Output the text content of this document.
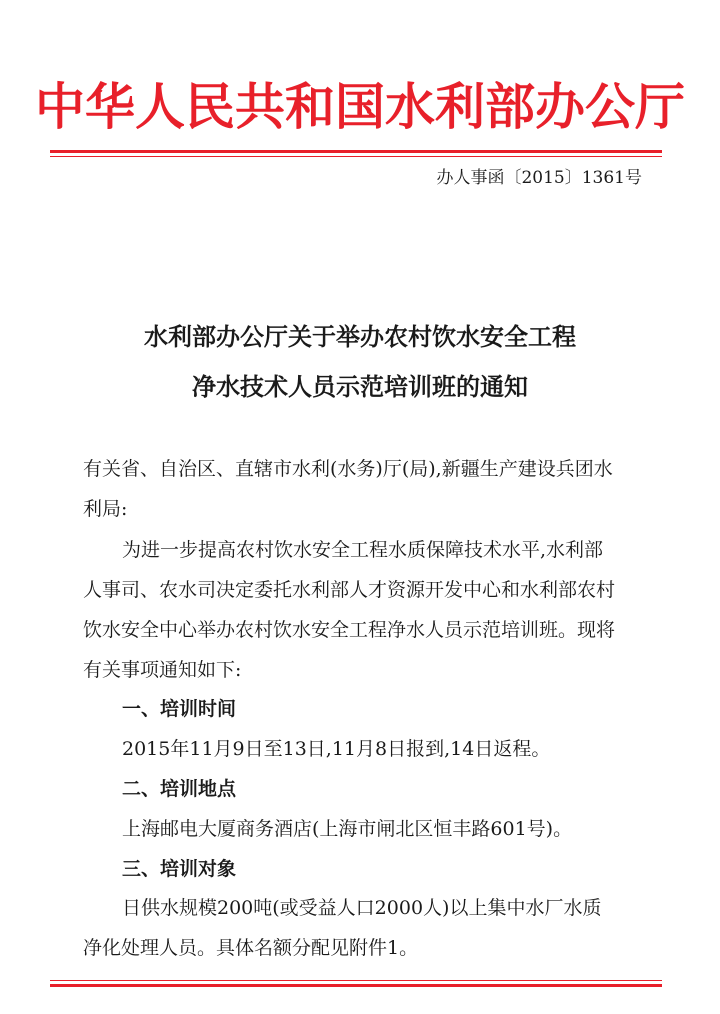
中华人民共和国水利部办公厅
办人事函〔2015〕1361号
水利部办公厅关于举办农村饮水安全工程
净水技术人员示范培训班的通知
有关省、自治区、直辖市水利(水务)厅(局),新疆生产建设兵团水
利局:
为进一步提高农村饮水安全工程水质保障技术水平,水利部
人事司、农水司决定委托水利部人才资源开发中心和水利部农村
饮水安全中心举办农村饮水安全工程净水人员示范培训班。现将
有关事项通知如下:
一、培训时间
2015年11月9日至13日,11月8日报到,14日返程。
二、培训地点
上海邮电大厦商务酒店(上海市闸北区恒丰路601号)。
三、培训对象
日供水规模200吨(或受益人口2000人)以上集中水厂水质
净化处理人员。具体名额分配见附件1。
